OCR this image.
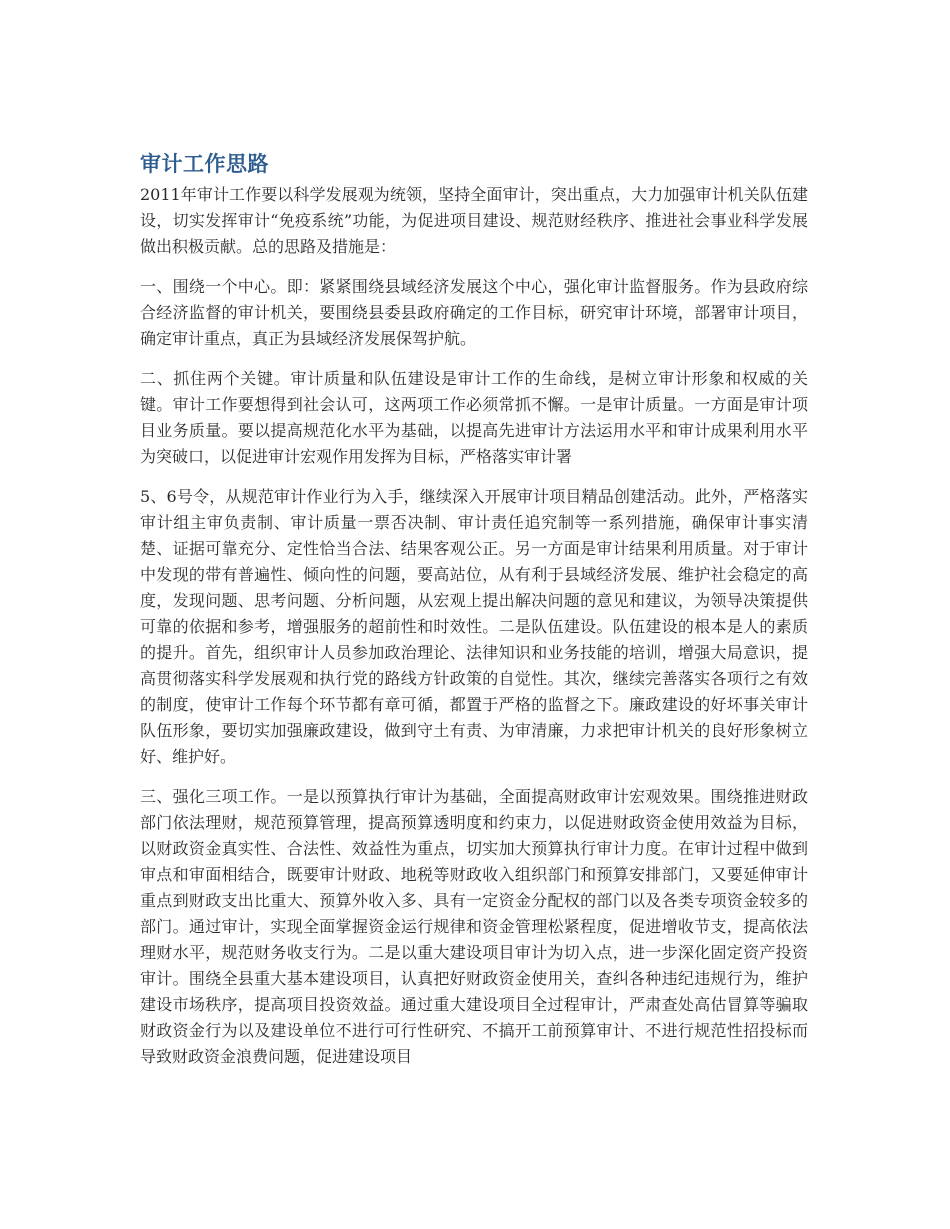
审计工作思路

2011年审计工作要以科学发展观为统领，坚持全面审计，突出重点，大力加强审计机关队伍建设，切实发挥审计“免疫系统”功能，为促进项目建设、规范财经秩序、推进社会事业科学发展做出积极贡献。总的思路及措施是：

一、围绕一个中心。即：紧紧围绕县域经济发展这个中心，强化审计监督服务。作为县政府综合经济监督的审计机关，要围绕县委县政府确定的工作目标，研究审计环境，部署审计项目，确定审计重点，真正为县域经济发展保驾护航。

二、抓住两个关键。审计质量和队伍建设是审计工作的生命线，是树立审计形象和权威的关键。审计工作要想得到社会认可，这两项工作必须常抓不懈。一是审计质量。一方面是审计项目业务质量。要以提高规范化水平为基础，以提高先进审计方法运用水平和审计成果利用水平为突破口，以促进审计宏观作用发挥为目标，严格落实审计署

5、6号令，从规范审计作业行为入手，继续深入开展审计项目精品创建活动。此外，严格落实审计组主审负责制、审计质量一票否决制、审计责任追究制等一系列措施，确保审计事实清楚、证据可靠充分、定性恰当合法、结果客观公正。另一方面是审计结果利用质量。对于审计中发现的带有普遍性、倾向性的问题，要高站位，从有利于县域经济发展、维护社会稳定的高度，发现问题、思考问题、分析问题，从宏观上提出解决问题的意见和建议，为领导决策提供可靠的依据和参考，增强服务的超前性和时效性。二是队伍建设。队伍建设的根本是人的素质的提升。首先，组织审计人员参加政治理论、法律知识和业务技能的培训，增强大局意识，提高贯彻落实科学发展观和执行党的路线方针政策的自觉性。其次，继续完善落实各项行之有效的制度，使审计工作每个环节都有章可循，都置于严格的监督之下。廉政建设的好坏事关审计队伍形象，要切实加强廉政建设，做到守土有责、为审清廉，力求把审计机关的良好形象树立好、维护好。

三、强化三项工作。一是以预算执行审计为基础，全面提高财政审计宏观效果。围绕推进财政部门依法理财，规范预算管理，提高预算透明度和约束力，以促进财政资金使用效益为目标，以财政资金真实性、合法性、效益性为重点，切实加大预算执行审计力度。在审计过程中做到审点和审面相结合，既要审计财政、地税等财政收入组织部门和预算安排部门，又要延伸审计重点到财政支出比重大、预算外收入多、具有一定资金分配权的部门以及各类专项资金较多的部门。通过审计，实现全面掌握资金运行规律和资金管理松紧程度，促进增收节支，提高依法理财水平，规范财务收支行为。二是以重大建设项目审计为切入点，进一步深化固定资产投资审计。围绕全县重大基本建设项目，认真把好财政资金使用关，查纠各种违纪违规行为，维护建设市场秩序，提高项目投资效益。通过重大建设项目全过程审计，严肃查处高估冒算等骗取财政资金行为以及建设单位不进行可行性研究、不搞开工前预算审计、不进行规范性招投标而导致财政资金浪费问题，促进建设项目
